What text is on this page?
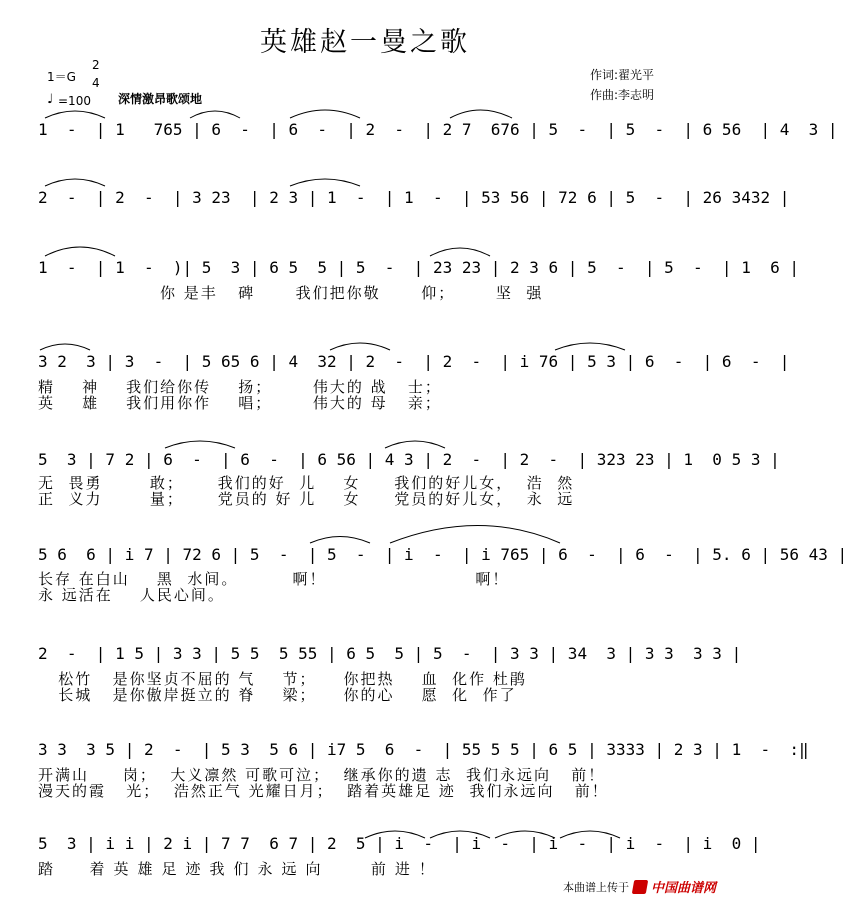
英雄赵一曼之歌
1＝G
2
4
♩ =100 深情激昂歌颂地
作词:翟光平
作曲:李志明
1  -  | 1   765 | 6  -  | 6  -  | 2  -  | 2 7  676 | 5  -  | 5  -  | 6 56  | 4  3 |
2  -  | 2  -  | 3 23  | 2 3 | 1  -  | 1  -  | 53 56 | 72 6 | 5  -  | 26 3432 |
1  -  | 1  -  )| 5  3 | 6 5  5 | 5  -  | 23 23 | 2 3 6 | 5  -  | 5  -  | 1  6 |
你 是丰   碑      我们把你敬      仰；      坚  强
3 2  3 | 3  -  | 5 65 6 | 4  32 | 2  -  | 2  -  | i 76 | 5 3 | 6  -  | 6  -  |
精    神    我们给你传    扬；      伟大的 战   士；
英    雄    我们用你作    唱；      伟大的 母   亲；
5  3 | 7 2 | 6  -  | 6  -  | 6 56 | 4 3 | 2  -  | 2  -  | 323 23 | 1  0 5 3 |
无  畏勇       敢；     我们的好  儿    女     我们的好儿女，  浩  然
正  义力       量；     党员的 好 儿    女     党员的好儿女，  永  远
5 6  6 | i 7 | 72 6 | 5  -  | 5  -  | i  -  | i 765 | 6  -  | 6  -  | 5. 6 | 56 43 |
长存 在白山    黑  水间。        啊！                      啊！
永 远活在    人民心间。
2  -  | 1 5 | 3 3 | 5 5  5 55 | 6 5  5 | 5  -  | 3 3 | 34  3 | 3 3  3 3 |
松竹   是你坚贞不屈的 气    节；    你把热    血  化作 杜鹃
长城   是你傲岸挺立的 脊    梁；    你的心    愿  化  作了
3 3  3 5 | 2  -  | 5 3  5 6 | i7 5  6  -  | 55 5 5 | 6 5 | 3333 | 2 3 | 1  -  :‖
开满山     岗；  大义凛然 可歌可泣；  继承你的遗 志  我们永远向   前！
漫天的霞   光；  浩然正气 光耀日月；  踏着英雄足 迹  我们永远向   前！
5  3 | i i | 2 i | 7 7  6 7 | 2  5 | i  -  | i  -  | i  -  | i  -  | i  0 |
踏  着英雄足迹我们永远向   前进！
本曲谱上传于 中国曲谱网
